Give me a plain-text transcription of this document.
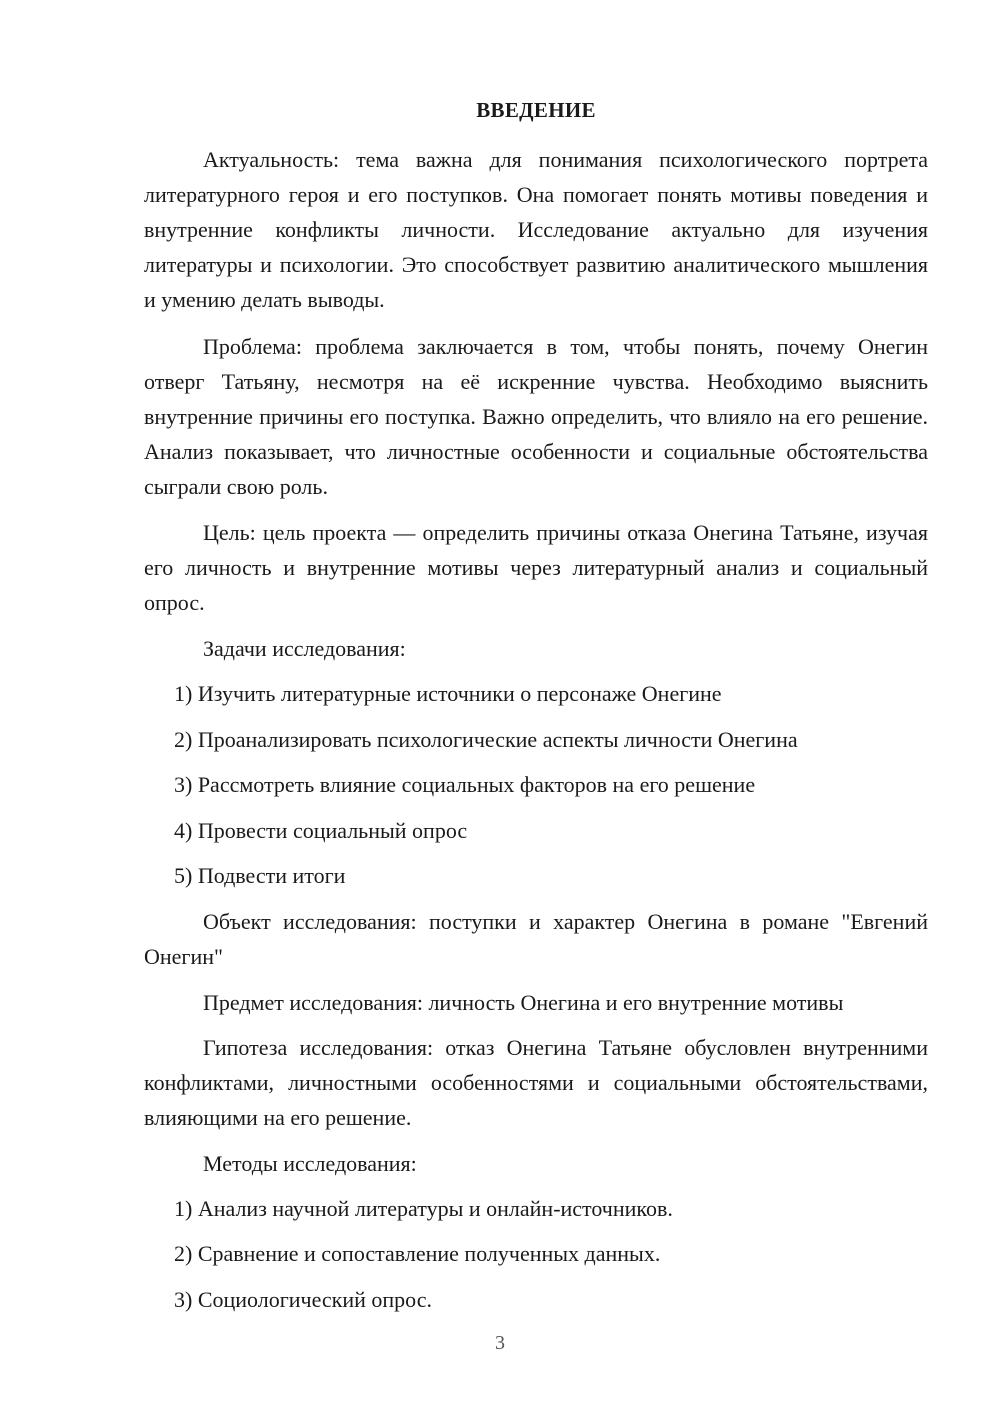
ВВЕДЕНИЕ

Актуальность: тема важна для понимания психологического портрета литературного героя и его поступков. Она помогает понять мотивы поведения и внутренние конфликты личности. Исследование актуально для изучения литературы и психологии. Это способствует развитию аналитического мышления и умению делать выводы.

Проблема: проблема заключается в том, чтобы понять, почему Онегин отверг Татьяну, несмотря на её искренние чувства. Необходимо выяснить внутренние причины его поступка. Важно определить, что влияло на его решение. Анализ показывает, что личностные особенности и социальные обстоятельства сыграли свою роль.

Цель: цель проекта — определить причины отказа Онегина Татьяне, изучая его личность и внутренние мотивы через литературный анализ и социальный опрос.

Задачи исследования:

1) Изучить литературные источники о персонаже Онегине

2) Проанализировать психологические аспекты личности Онегина

3) Рассмотреть влияние социальных факторов на его решение

4) Провести социальный опрос

5) Подвести итоги

Объект исследования: поступки и характер Онегина в романе "Евгений Онегин"

Предмет исследования: личность Онегина и его внутренние мотивы

Гипотеза исследования: отказ Онегина Татьяне обусловлен внутренними конфликтами, личностными особенностями и социальными обстоятельствами, влияющими на его решение.

Методы исследования:

1) Анализ научной литературы и онлайн-источников.

2) Сравнение и сопоставление полученных данных.

3) Социологический опрос.

3
